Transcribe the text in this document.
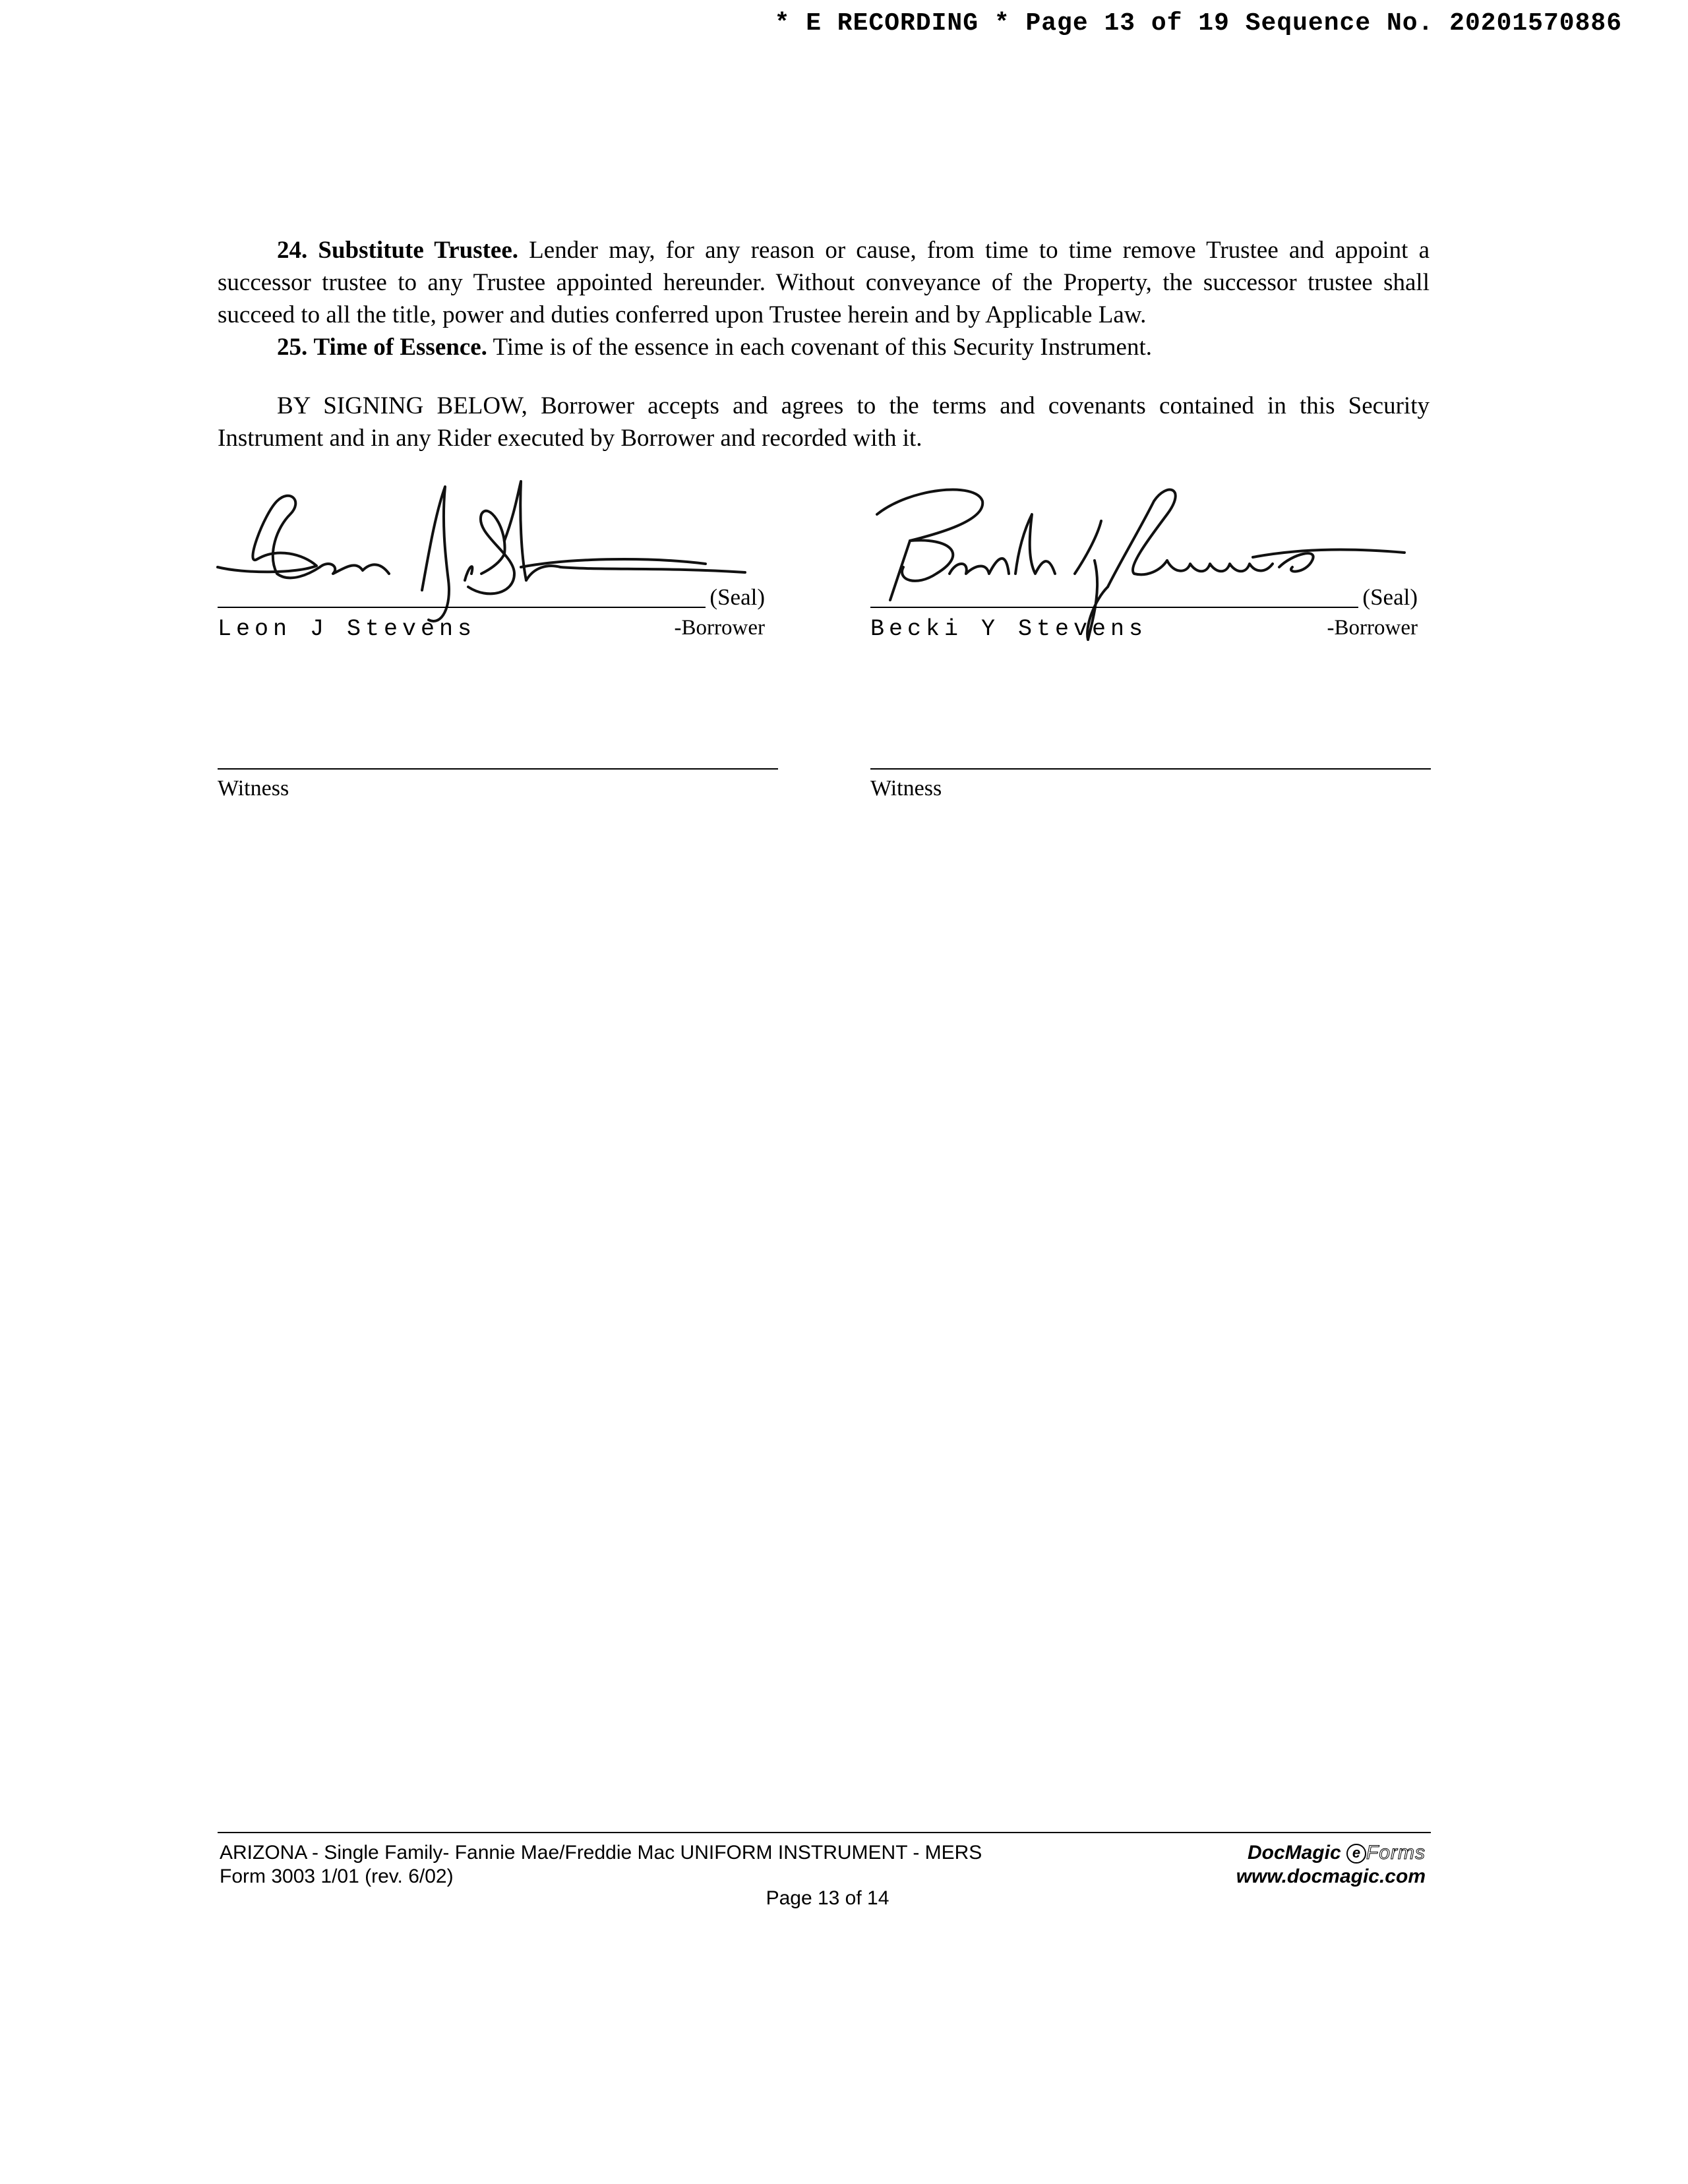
* E RECORDING * Page 13 of 19 Sequence No. 20201570886

24. Substitute Trustee. Lender may, for any reason or cause, from time to time remove Trustee and appoint a successor trustee to any Trustee appointed hereunder. Without conveyance of the Property, the successor trustee shall succeed to all the title, power and duties conferred upon Trustee herein and by Applicable Law.

25. Time of Essence. Time is of the essence in each covenant of this Security Instrument.

BY SIGNING BELOW, Borrower accepts and agrees to the terms and covenants contained in this Security Instrument and in any Rider executed by Borrower and recorded with it.

(Seal)
Leon J Stevens	-Borrower
(Seal)
Becki Y Stevens	-Borrower
Witness	Witness
ARIZONA - Single Family- Fannie Mae/Freddie Mac UNIFORM INSTRUMENT - MERS
Form 3003 1/01 (rev. 6/02)
Page 13 of 14
DocMagic e Forms
www.docmagic.com
